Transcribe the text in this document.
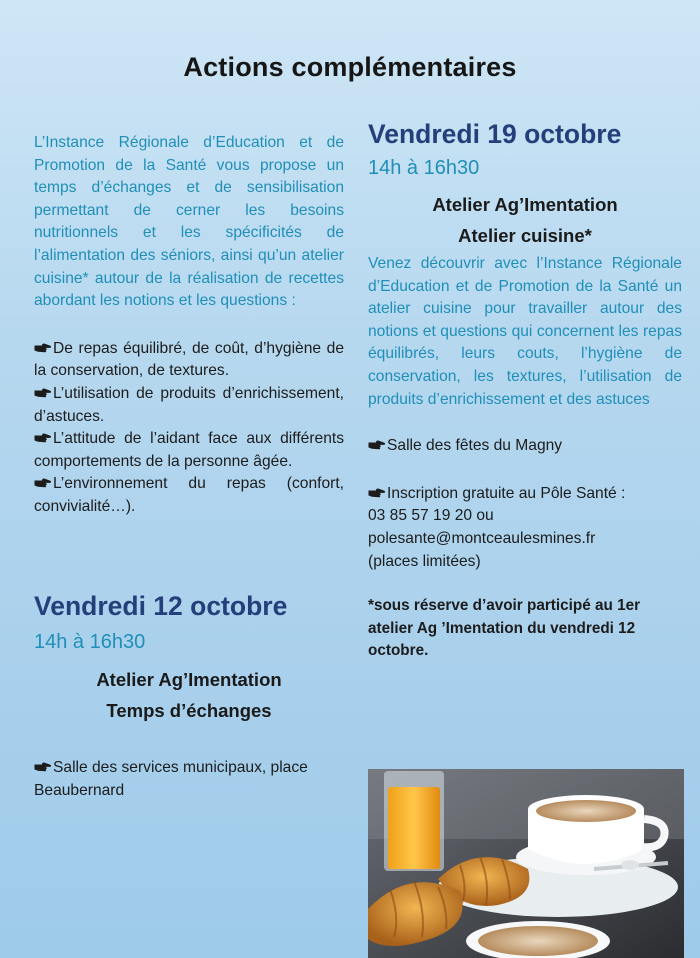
Actions complémentaires

L’Instance Régionale d’Education et de Promotion de la Santé vous propose un temps d’échanges et de sensibilisation permettant de cerner les besoins nutritionnels et les spécificités de l’alimentation des séniors, ainsi qu’un atelier cuisine* autour de la réalisation de recettes abordant les notions et les questions :

De repas équilibré, de coût, d’hygiène de la conservation, de textures.
L’utilisation de produits d’enrichissement, d’astuces.
L’attitude de l’aidant face aux différents comportements de la personne âgée.
L’environnement du repas (confort, convivialité…).

Vendredi 12 octobre

14h à 16h30

Atelier Ag’Imentation

Temps d’échanges

Salle des services municipaux, place Beaubernard

Vendredi 19 octobre

14h à 16h30

Atelier Ag’Imentation

Atelier cuisine*

Venez découvrir avec l’Instance Régionale d’Education et de Promotion de la Santé un atelier cuisine pour travailler autour des notions et questions qui concernent les repas équilibrés, leurs couts, l’hygiène de conservation, les textures, l’utilisation de produits d’enrichissement et des astuces

Salle des fêtes du Magny

Inscription gratuite au Pôle Santé :

03 85 57 19 20 ou

polesante@montceaulesmines.fr

(places limitées)

*sous réserve d’avoir participé au 1er atelier Ag ’Imentation du vendredi 12 octobre.
